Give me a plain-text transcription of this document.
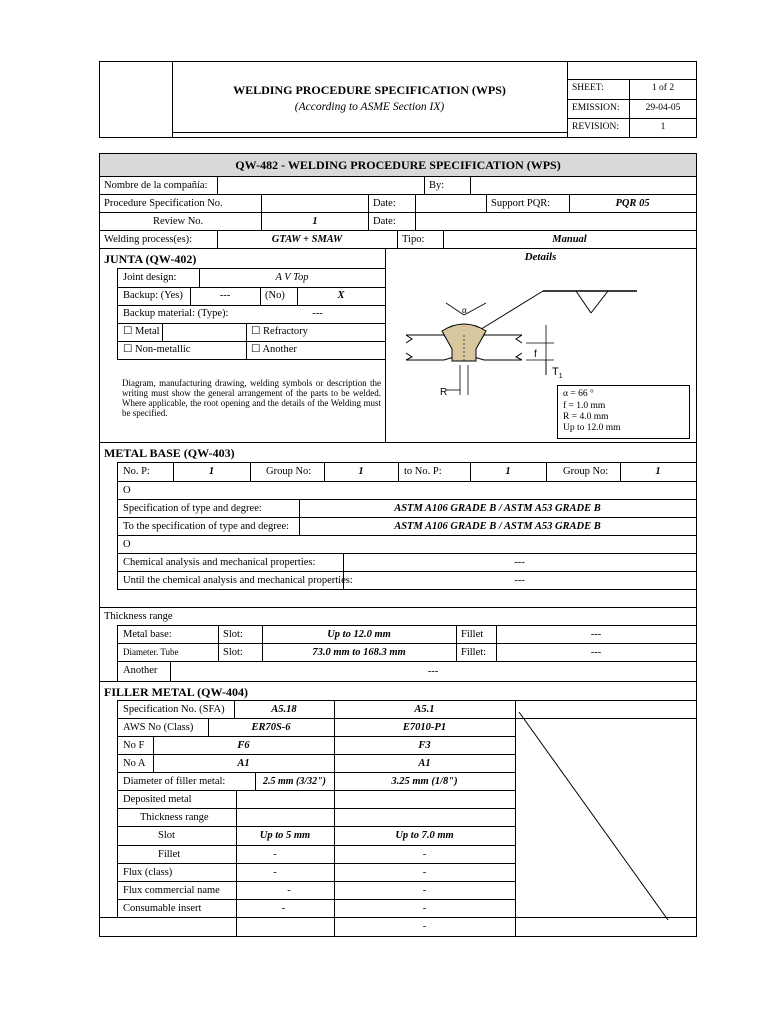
WELDING PROCEDURE SPECIFICATION (WPS)
(According to ASME Section IX)
SHEET:	1 of 2
EMISSION:	29-04-05
REVISION:	1
QW-482 - WELDING PROCEDURE SPECIFICATION (WPS)
Nombre de la compañía:	By:
Procedure Specification No.	Date:	Support PQR:	PQR 05
Review No.	1	Date:
Welding process(es):	GTAW + SMAW	Tipo:	Manual
JUNTA (QW-402)	Details
Joint design:	A V Top
Backup: (Yes)	---	(No)	X
Backup material: (Type):	---
☐ Metal	☐ Refractory
☐ Non-metallic	☐ Another
Diagram, manufacturing drawing, welding symbols or description the writing must show the general arrangement of the parts to be welded. Where applicable, the root opening and the details of the Welding must be specified.
α
f
$T_1$
R	α = 66 °
f = 1.0 mm
R = 4.0 mm
Up to 12.0 mm
METAL BASE (QW-403)
No. P:	1	Group No:	1	to No. P:	1	Group No:	1
O
Specification of type and degree:	ASTM A106 GRADE B / ASTM A53 GRADE B
To the specification of type and degree:	ASTM A106 GRADE B / ASTM A53 GRADE B
O
Chemical analysis and mechanical properties:	---
Until the chemical analysis and mechanical properties:	---
Thickness range
Metal base:	Slot:	Up to 12.0 mm	Fillet	---
Diameter. Tube	Slot:	73.0 mm to 168.3 mm	Fillet:	---
Another	---
FILLER METAL (QW-404)
Specification No. (SFA)	A5.18	A5.1
AWS No (Class)	ER70S-6	E7010-P1
No F	F6	F3
No A	A1	A1
Diameter of filler metal:	2.5 mm (3/32")	3.25 mm (1/8")
Deposited metal
Thickness range
Slot	Up to 5 mm	Up to 7.0 mm
Fillet	-	-
Flux (class)	-	-
Flux commercial name	-	-
Consumable insert	-	-
-
